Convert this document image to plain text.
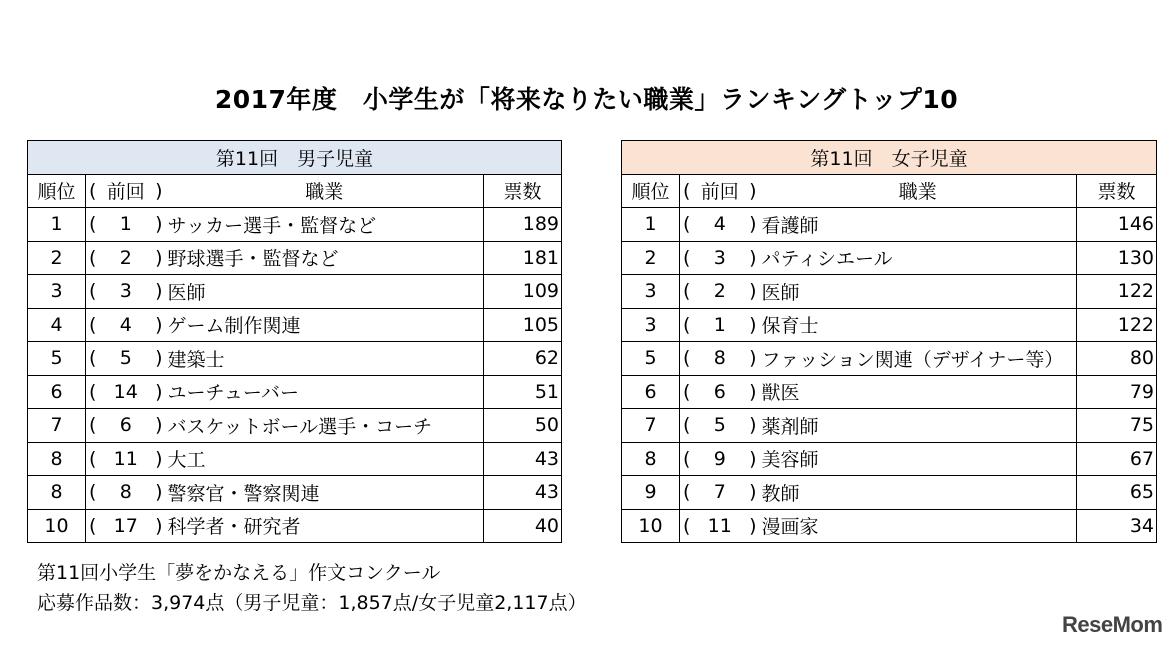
2017年度　小学生が「将来なりたい職業」ランキングトップ10
第11回　男子児童			
順位	( 前回 )	職業	票数
1	( 1 )	サッカー選手・監督など	189
2	( 2 )	野球選手・監督など	181
3	( 3 )	医師	109
4	( 4 )	ゲーム制作関連	105
5	( 5 )	建築士	62
6	( 14 )	ユーチューバー	51
7	( 6 )	バスケットボール選手・コーチ	50
8	( 11 )	大工	43
8	( 8 )	警察官・警察関連	43
10	( 17 )	科学者・研究者	40
第11回　女子児童			
順位	( 前回 )	職業	票数
1	( 4 )	看護師	146
2	( 3 )	パティシエール	130
3	( 2 )	医師	122
3	( 1 )	保育士	122
5	( 8 )	ファッション関連（デザイナー等）	80
6	( 6 )	獣医	79
7	( 5 )	薬剤師	75
8	( 9 )	美容師	67
9	( 7 )	教師	65
10	( 11 )	漫画家	34
第11回小学生「夢をかなえる」作文コンクール
応募作品数：3,974点（男子児童：1,857点/女子児童2,117点）
ReseMom
